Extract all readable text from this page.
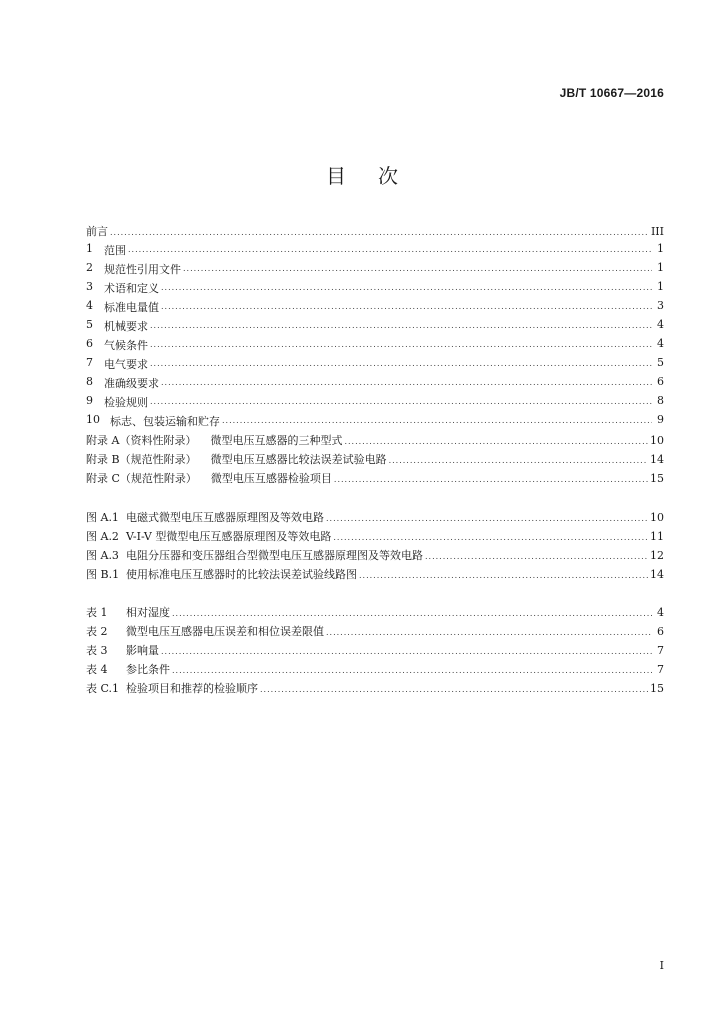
JB/T 10667—2016
目 次
前言 .....	III
1	范围 .....	1
2	规范性引用文件 .....	1
3	术语和定义 .....	1
4	标准电量值 .....	3
5	机械要求 .....	4
6	气候条件 .....	4
7	电气要求 .....	5
8	准确级要求 .....	6
9	检验规则 .....	8
10 标志、包装运输和贮存 .....	9
附录 A（资料性附录） 微型电压互感器的三种型式 .....	10
附录 B（规范性附录） 微型电压互感器比较法误差试验电路 .....	14
附录 C（规范性附录） 微型电压互感器检验项目 .....	15
图 A.1 电磁式微型电压互感器原理图及等效电路 .....	10
图 A.2 V-I-V 型微型电压互感器原理图及等效电路 .....	11
图 A.3 电阻分压器和变压器组合型微型电压互感器原理图及等效电路 .....	12
图 B.1 使用标准电压互感器时的比较法误差试验线路图 .....	14
表 1	相对湿度 .....	4
表 2	微型电压互感器电压误差和相位误差限值 .....	6
表 3	影响量 .....	7
表 4	参比条件 .....	7
表 C.1 检验项目和推荐的检验顺序 .....	15
I
